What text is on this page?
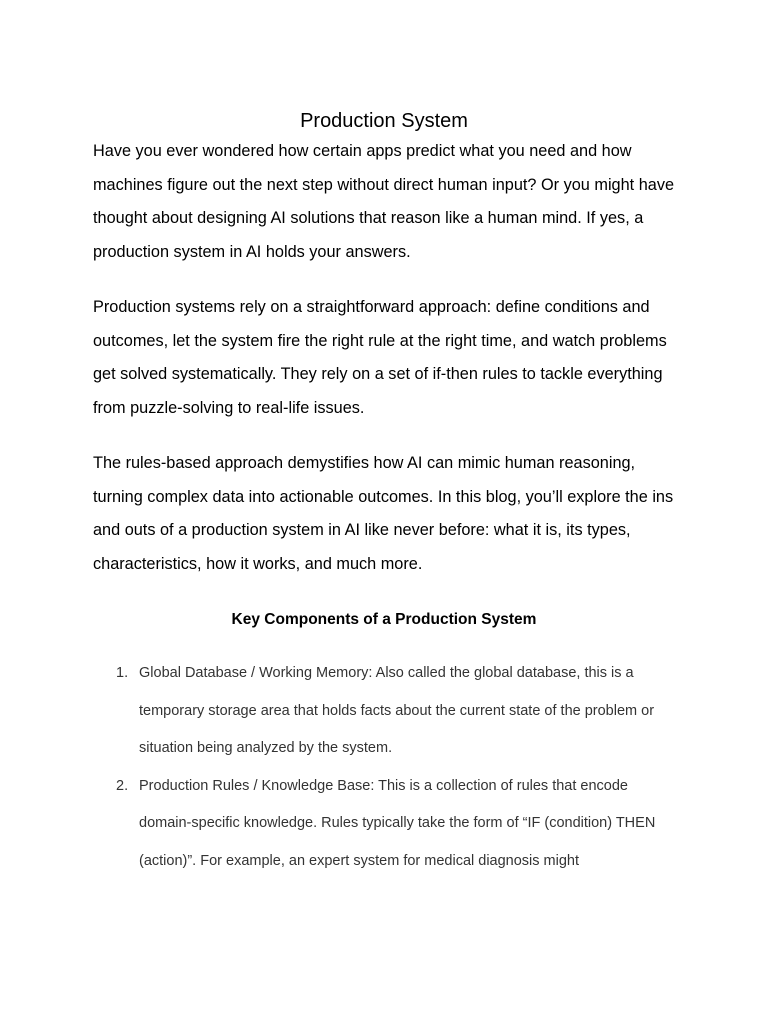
Production System

Have you ever wondered how certain apps predict what you need and how machines figure out the next step without direct human input? Or you might have thought about designing AI solutions that reason like a human mind. If yes, a production system in AI holds your answers.

Production systems rely on a straightforward approach: define conditions and outcomes, let the system fire the right rule at the right time, and watch problems get solved systematically. They rely on a set of if-then rules to tackle everything from puzzle-solving to real-life issues.

The rules-based approach demystifies how AI can mimic human reasoning, turning complex data into actionable outcomes. In this blog, you’ll explore the ins and outs of a production system in AI like never before: what it is, its types, characteristics, how it works, and much more.

Key Components of a Production System
1. Global Database / Working Memory: Also called the global database, this is a temporary storage area that holds facts about the current state of the problem or situation being analyzed by the system.
2. Production Rules / Knowledge Base: This is a collection of rules that encode domain-specific knowledge. Rules typically take the form of “IF (condition) THEN (action)”. For example, an expert system for medical diagnosis might
